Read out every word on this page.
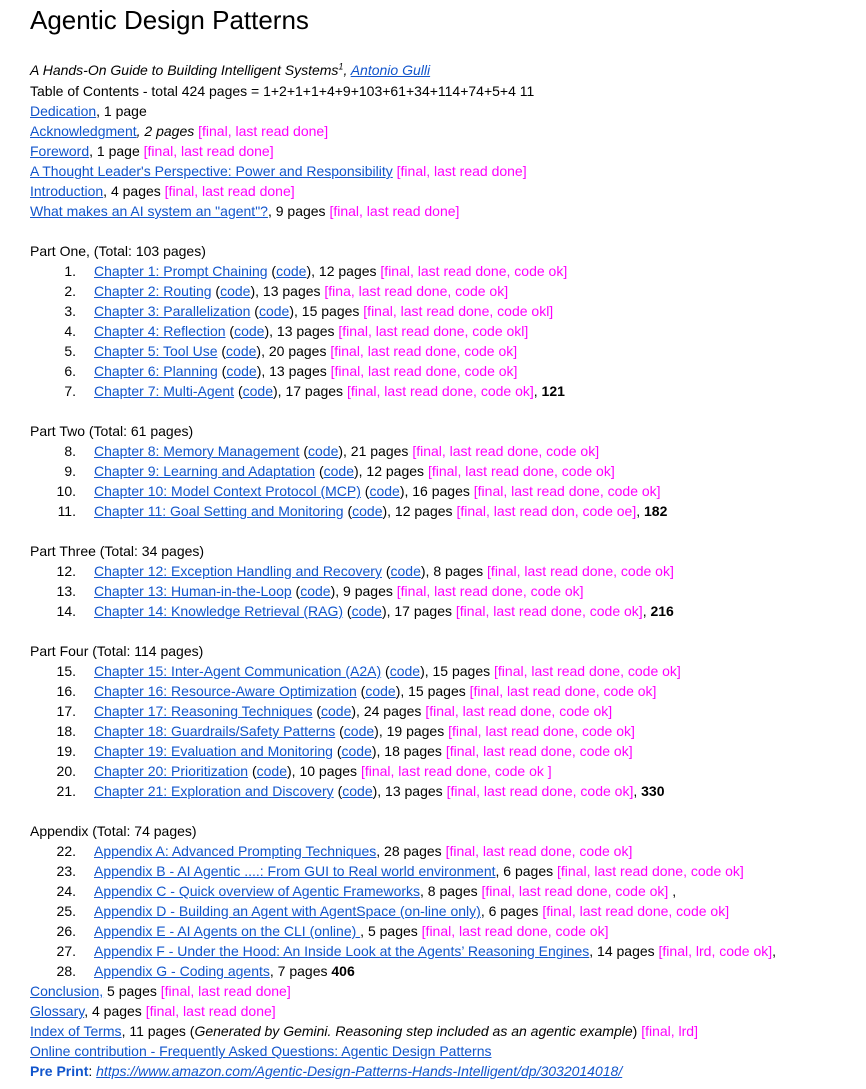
Agentic Design Patterns
A Hands-On Guide to Building Intelligent Systems$^1$, Antonio Gulli
Table of Contents - total 424 pages = 1+2+1+1+4+9+103+61+34+114+74+5+4 11
Dedication, 1 page
Acknowledgment, 2 pages [final, last read done]
Foreword, 1 page [final, last read done]
A Thought Leader's Perspective: Power and Responsibility [final, last read done]
Introduction, 4 pages [final, last read done]
What makes an AI system an "agent"?, 9 pages [final, last read done]
Part One, (Total: 103 pages)
1. Chapter 1: Prompt Chaining (code), 12 pages [final, last read done, code ok]
2. Chapter 2: Routing (code), 13 pages [fina, last read done, code ok]
3. Chapter 3: Parallelization (code), 15 pages [final, last read done, code okl]
4. Chapter 4: Reflection (code), 13 pages [final, last read done, code okl]
5. Chapter 5: Tool Use (code), 20 pages [final, last read done, code ok]
6. Chapter 6: Planning (code), 13 pages [final, last read done, code ok]
7. Chapter 7: Multi-Agent (code), 17 pages [final, last read done, code ok], 121
Part Two (Total: 61 pages)
8. Chapter 8: Memory Management (code), 21 pages [final, last read done, code ok]
9. Chapter 9: Learning and Adaptation (code), 12 pages [final, last read done, code ok]
10. Chapter 10: Model Context Protocol (MCP) (code), 16 pages [final, last read done, code ok]
11. Chapter 11: Goal Setting and Monitoring (code), 12 pages [final, last read don, code oe], 182
Part Three (Total: 34 pages)
12. Chapter 12: Exception Handling and Recovery (code), 8 pages [final, last read done, code ok]
13. Chapter 13: Human-in-the-Loop (code), 9 pages [final, last read done, code ok]
14. Chapter 14: Knowledge Retrieval (RAG) (code), 17 pages [final, last read done, code ok], 216
Part Four (Total: 114 pages)
15. Chapter 15: Inter-Agent Communication (A2A) (code), 15 pages [final, last read done, code ok]
16. Chapter 16: Resource-Aware Optimization (code), 15 pages [final, last read done, code ok]
17. Chapter 17: Reasoning Techniques (code), 24 pages [final, last read done, code ok]
18. Chapter 18: Guardrails/Safety Patterns (code), 19 pages [final, last read done, code ok]
19. Chapter 19: Evaluation and Monitoring (code), 18 pages [final, last read done, code ok]
20. Chapter 20: Prioritization (code), 10 pages [final, last read done, code ok ]
21. Chapter 21: Exploration and Discovery (code), 13 pages [final, last read done, code ok], 330
Appendix (Total: 74 pages)
22. Appendix A: Advanced Prompting Techniques, 28 pages [final, last read done, code ok]
23. Appendix B - AI Agentic ....: From GUI to Real world environment, 6 pages [final, last read done, code ok]
24. Appendix C - Quick overview of Agentic Frameworks, 8 pages [final, last read done, code ok] ,
25. Appendix D - Building an Agent with AgentSpace (on-line only), 6 pages [final, last read done, code ok]
26. Appendix E - AI Agents on the CLI (online) , 5 pages [final, last read done, code ok]
27. Appendix F - Under the Hood: An Inside Look at the Agents’ Reasoning Engines, 14 pages [final, lrd, code ok],
28. Appendix G - Coding agents, 7 pages 406
Conclusion, 5 pages [final, last read done]
Glossary, 4 pages [final, last read done]
Index of Terms, 11 pages (Generated by Gemini. Reasoning step included as an agentic example) [final, lrd]
Online contribution - Frequently Asked Questions: Agentic Design Patterns
Pre Print: https://www.amazon.com/Agentic-Design-Patterns-Hands-Intelligent/dp/3032014018/
